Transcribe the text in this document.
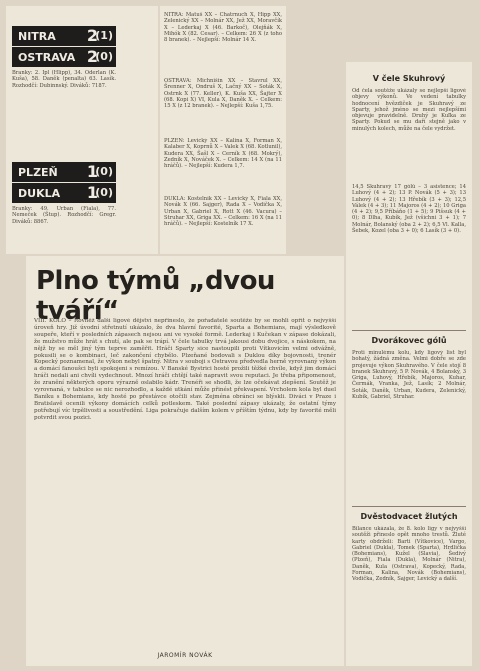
NITRA 2
(1)
OSTRAVA 2
(0)
Branky: 2. Ipl (Hlipp), 34. Oderlan (K. Kuša), 58. Daněk (penalta) 63. Lasík. Rozhodčí: Dubinnský. Diváků: 7187.
PLZEŇ 1
(0)
DUKLA 1
(0)
Branky: 49. Urban (Fiala), 77. Nemeček (Štup). Rozhodčí: Gregr. Diváků: 8867.
NITRA: Matuš XX – Chatrnuch X, Hipp XX, Zelenický XX – Molnár XX, Jež XX, Moravčík X – Lederkaj X (46. Barkoč), Olejňák X, Mihók X (82. Cesar). – Celkem: 26 X (z toho 8 branek). – Nejlepší: Molnár 14 X.
OSTRAVA: Michnišin XX – Stavrul XX, Šrenner X, Ondruš X, Lačný XX – Soták X, Ostrnk X (77. Keller), K. Kuša XX, Šajter X (68. Kopi X) VI, Kula X, Daněk X. – Celkem: 15 X (z 12 branek). – Nejlepší: Kuša 1,75.
PLZEŇ: Levický XX – Kalina X, Forman X, Kalaber X, Koprnů X – Valek X (68. Kotlunil), Kudera XX, Šašl X – Cerník X (68. Mokrý), Zedník X, Nováček X. – Celkem: 14 X (na 11 hráčů). – Nejlepší: Kudera 1,7.
DUKLA: Kostelník XX – Levický X, Fiala XX, Novák X (66. Sajger), Rada X – Vodička X, Urban X, Gabriel X, Rott X (46. Vacura) – Struhar XX, Griga XX. – Celkem: 16 X (na 11 hráčů). – Nejlepší: Kostelník 17 X.
Plno týmů „dvou tváří“
VIII. KOLO – Rovněž další ligové dějství nepřineslo, že pořadatelé soutěže by se mohli opřít o nejvyšší úroveň hry. Již úvodní střetnutí ukázalo, že dva hlavní favorité, Sparta a Bohemians, mají výsledkově soupeře, kteří v posledních zápasech nejsou ani ve vysoké formě. Lederkaj i Kučekan v zápase dokázali, že mužstvo může hrát s chutí, ale pak se trápí. V čele tabulky trvá jakousi dobu dvojice, s náskokem, na nějž by se měl jiný tým teprve zaměřit. Hráči Sparty sice nastoupili proti Vítkovicím velmi odvážně, pokusili se o kombinaci, leč zakončení chybělo. Plzeňané bodovali s Duklou díky bojovnosti, trenér Kopecký poznamenal, že výkon nebyl špatný. Nitra v souboji s Ostravou předvedla herně vyrovnaný výkon a domácí fanoušci byli spokojeni s remízou. V Banské Bystrici hosté prožili těžké chvíle, když jim domácí hráči nedali ani chvíli vydechnout. Mnozí hráči chtějí také napravit svou reputaci. Je třeba připomenout, že zranění některých oporu výrazně oslabilo kádr. Trenéři se shodli, že lze očekávat zlepšení. Soutěž je vyrovnaná, v tabulce se nic nerozhodlo, a každé utkání může přinést překvapení. Vrcholem kola byl duel Baníku s Bohemians, kdy hosté po přestávce otočili stav. Zejména obránci se blýskli. Diváci v Praze i Bratislavě ocenili výkony domácích celků potleskem. Také poslední zápasy ukázaly, že ostatní týmy potřebují víc trpělivosti a soustředění. Liga pokračuje dalším kolem v příštím týdnu, kdy by favorité měli potvrdit svou pozici.
JAROMÍR NOVÁK
V čele Skuhrový
Od čela soutěže ukázaly se nejlepší ligové objevy výkonů. Ve vedení tabulky hodnocení hvězdiček je Skuhravý ze Sparty, jehož jméno se mezi nejlepšími objevuje pravidelně. Druhý je Kuľka ze Sparty. Pokud se mu daří stejně jako v minulých kolech, může na čele vydržet.
14,5 Skuhravý 17 gólů – 3 asistence; 14 Luhový (4 + 2); 13 P. Novák (5 + 3); 13 Luhový (4 + 2); 13 Hřebík (3 + 3); 12,5 Válek (4 + 3); 11 Majoros (4 + 2); 10 Griga (4 + 2); 9,5 Příbáňo (1 + 5); 9 Pišsuk (4 + 0); 8 Dlha, Kubík, Jež (všichni 3 + 1); 7 Molnár, Bolanský (oba 2 + 2); 6,5 Vl. Kalla, Šebek, Kozel (oba 3 + 0); 6 Lasík (3 + 0).
Dvorákovec gólů
Proti minulému kolu, kdy ligový list byl bohatý, žádná změna. Velmi dobře se zde projevuje výkon Skuhravého. V čele stojí 8 branek Skuhravý, 5 P. Novák, 4 Bolanský, 3 Griga, Luhový, Hřebík, Majoros, Kuhar, Čermák, Vranka, Jež, Lasík; 2 Molnár, Soták, Daněk, Urban, Kudera, Zelenický, Kubík, Gabriel, Struhar.
Dvěstodvacet žlutých
Bilance ukázala, že 8. kolo ligy v nejvyšší soutěži přineslo opět mnoho trestů. Žluté karty obdrželi: Barti (Vítkovice), Vargo, Gabriel (Dukla), Tomek (Sparta), Hrdlička (Bohemians), Kužel (Slavia), Šedivý (Plzeň), Fiala (Dukla), Molnár (Nitra), Daněk, Kula (Ostrava), Kopecký, Rada, Forman, Kalina, Novák (Bohemians), Vodička, Zedník, Sajger, Levický a další.
